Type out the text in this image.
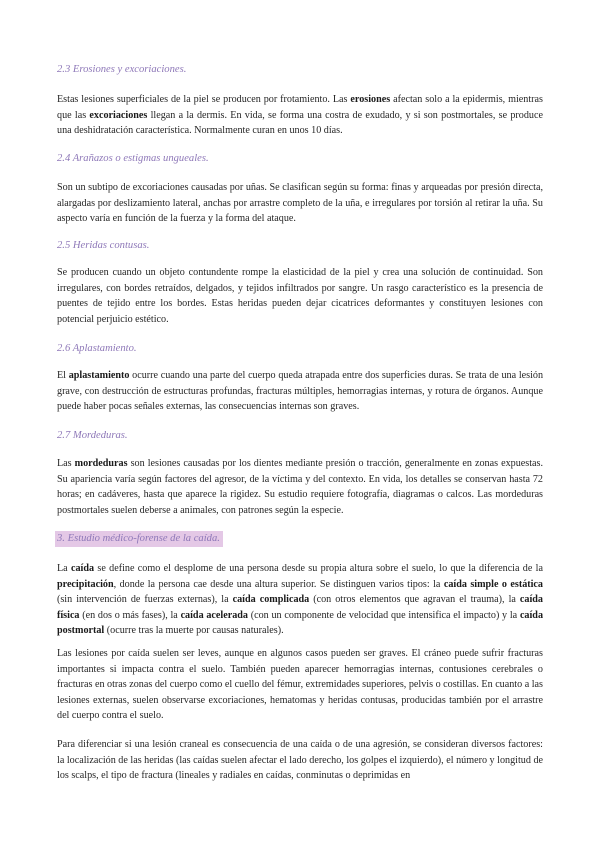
2.3 Erosiones y excoriaciones.
Estas lesiones superficiales de la piel se producen por frotamiento. Las erosiones afectan solo a la epidermis, mientras que las excoriaciones llegan a la dermis. En vida, se forma una costra de exudado, y si son postmortales, se produce una deshidratación característica. Normalmente curan en unos 10 días.
2.4 Arañazos o estigmas ungueales.
Son un subtipo de excoriaciones causadas por uñas. Se clasifican según su forma: finas y arqueadas por presión directa, alargadas por deslizamiento lateral, anchas por arrastre completo de la uña, e irregulares por torsión al retirar la uña. Su aspecto varía en función de la fuerza y la forma del ataque.
2.5 Heridas contusas.
Se producen cuando un objeto contundente rompe la elasticidad de la piel y crea una solución de continuidad. Son irregulares, con bordes retraídos, delgados, y tejidos infiltrados por sangre. Un rasgo característico es la presencia de puentes de tejido entre los bordes. Estas heridas pueden dejar cicatrices deformantes y constituyen lesiones con potencial perjuicio estético.
2.6 Aplastamiento.
El aplastamiento ocurre cuando una parte del cuerpo queda atrapada entre dos superficies duras. Se trata de una lesión grave, con destrucción de estructuras profundas, fracturas múltiples, hemorragias internas, y rotura de órganos. Aunque puede haber pocas señales externas, las consecuencias internas son graves.
2.7 Mordeduras.
Las mordeduras son lesiones causadas por los dientes mediante presión o tracción, generalmente en zonas expuestas. Su apariencia varía según factores del agresor, de la víctima y del contexto. En vida, los detalles se conservan hasta 72 horas; en cadáveres, hasta que aparece la rigidez. Su estudio requiere fotografía, diagramas o calcos. Las mordeduras postmortales suelen deberse a animales, con patrones según la especie.
3. Estudio médico-forense de la caída.
La caída se define como el desplome de una persona desde su propia altura sobre el suelo, lo que la diferencia de la precipitación, donde la persona cae desde una altura superior. Se distinguen varios tipos: la caída simple o estática (sin intervención de fuerzas externas), la caída complicada (con otros elementos que agravan el trauma), la caída física (en dos o más fases), la caída acelerada (con un componente de velocidad que intensifica el impacto) y la caída postmortal (ocurre tras la muerte por causas naturales).
Las lesiones por caída suelen ser leves, aunque en algunos casos pueden ser graves. El cráneo puede sufrir fracturas importantes si impacta contra el suelo. También pueden aparecer hemorragias internas, contusiones cerebrales o fracturas en otras zonas del cuerpo como el cuello del fémur, extremidades superiores, pelvis o costillas. En cuanto a las lesiones externas, suelen observarse excoriaciones, hematomas y heridas contusas, producidas también por el arrastre del cuerpo contra el suelo.
Para diferenciar si una lesión craneal es consecuencia de una caída o de una agresión, se consideran diversos factores: la localización de las heridas (las caídas suelen afectar el lado derecho, los golpes el izquierdo), el número y longitud de los scalps, el tipo de fractura (lineales y radiales en caídas, conminutas o deprimidas en
